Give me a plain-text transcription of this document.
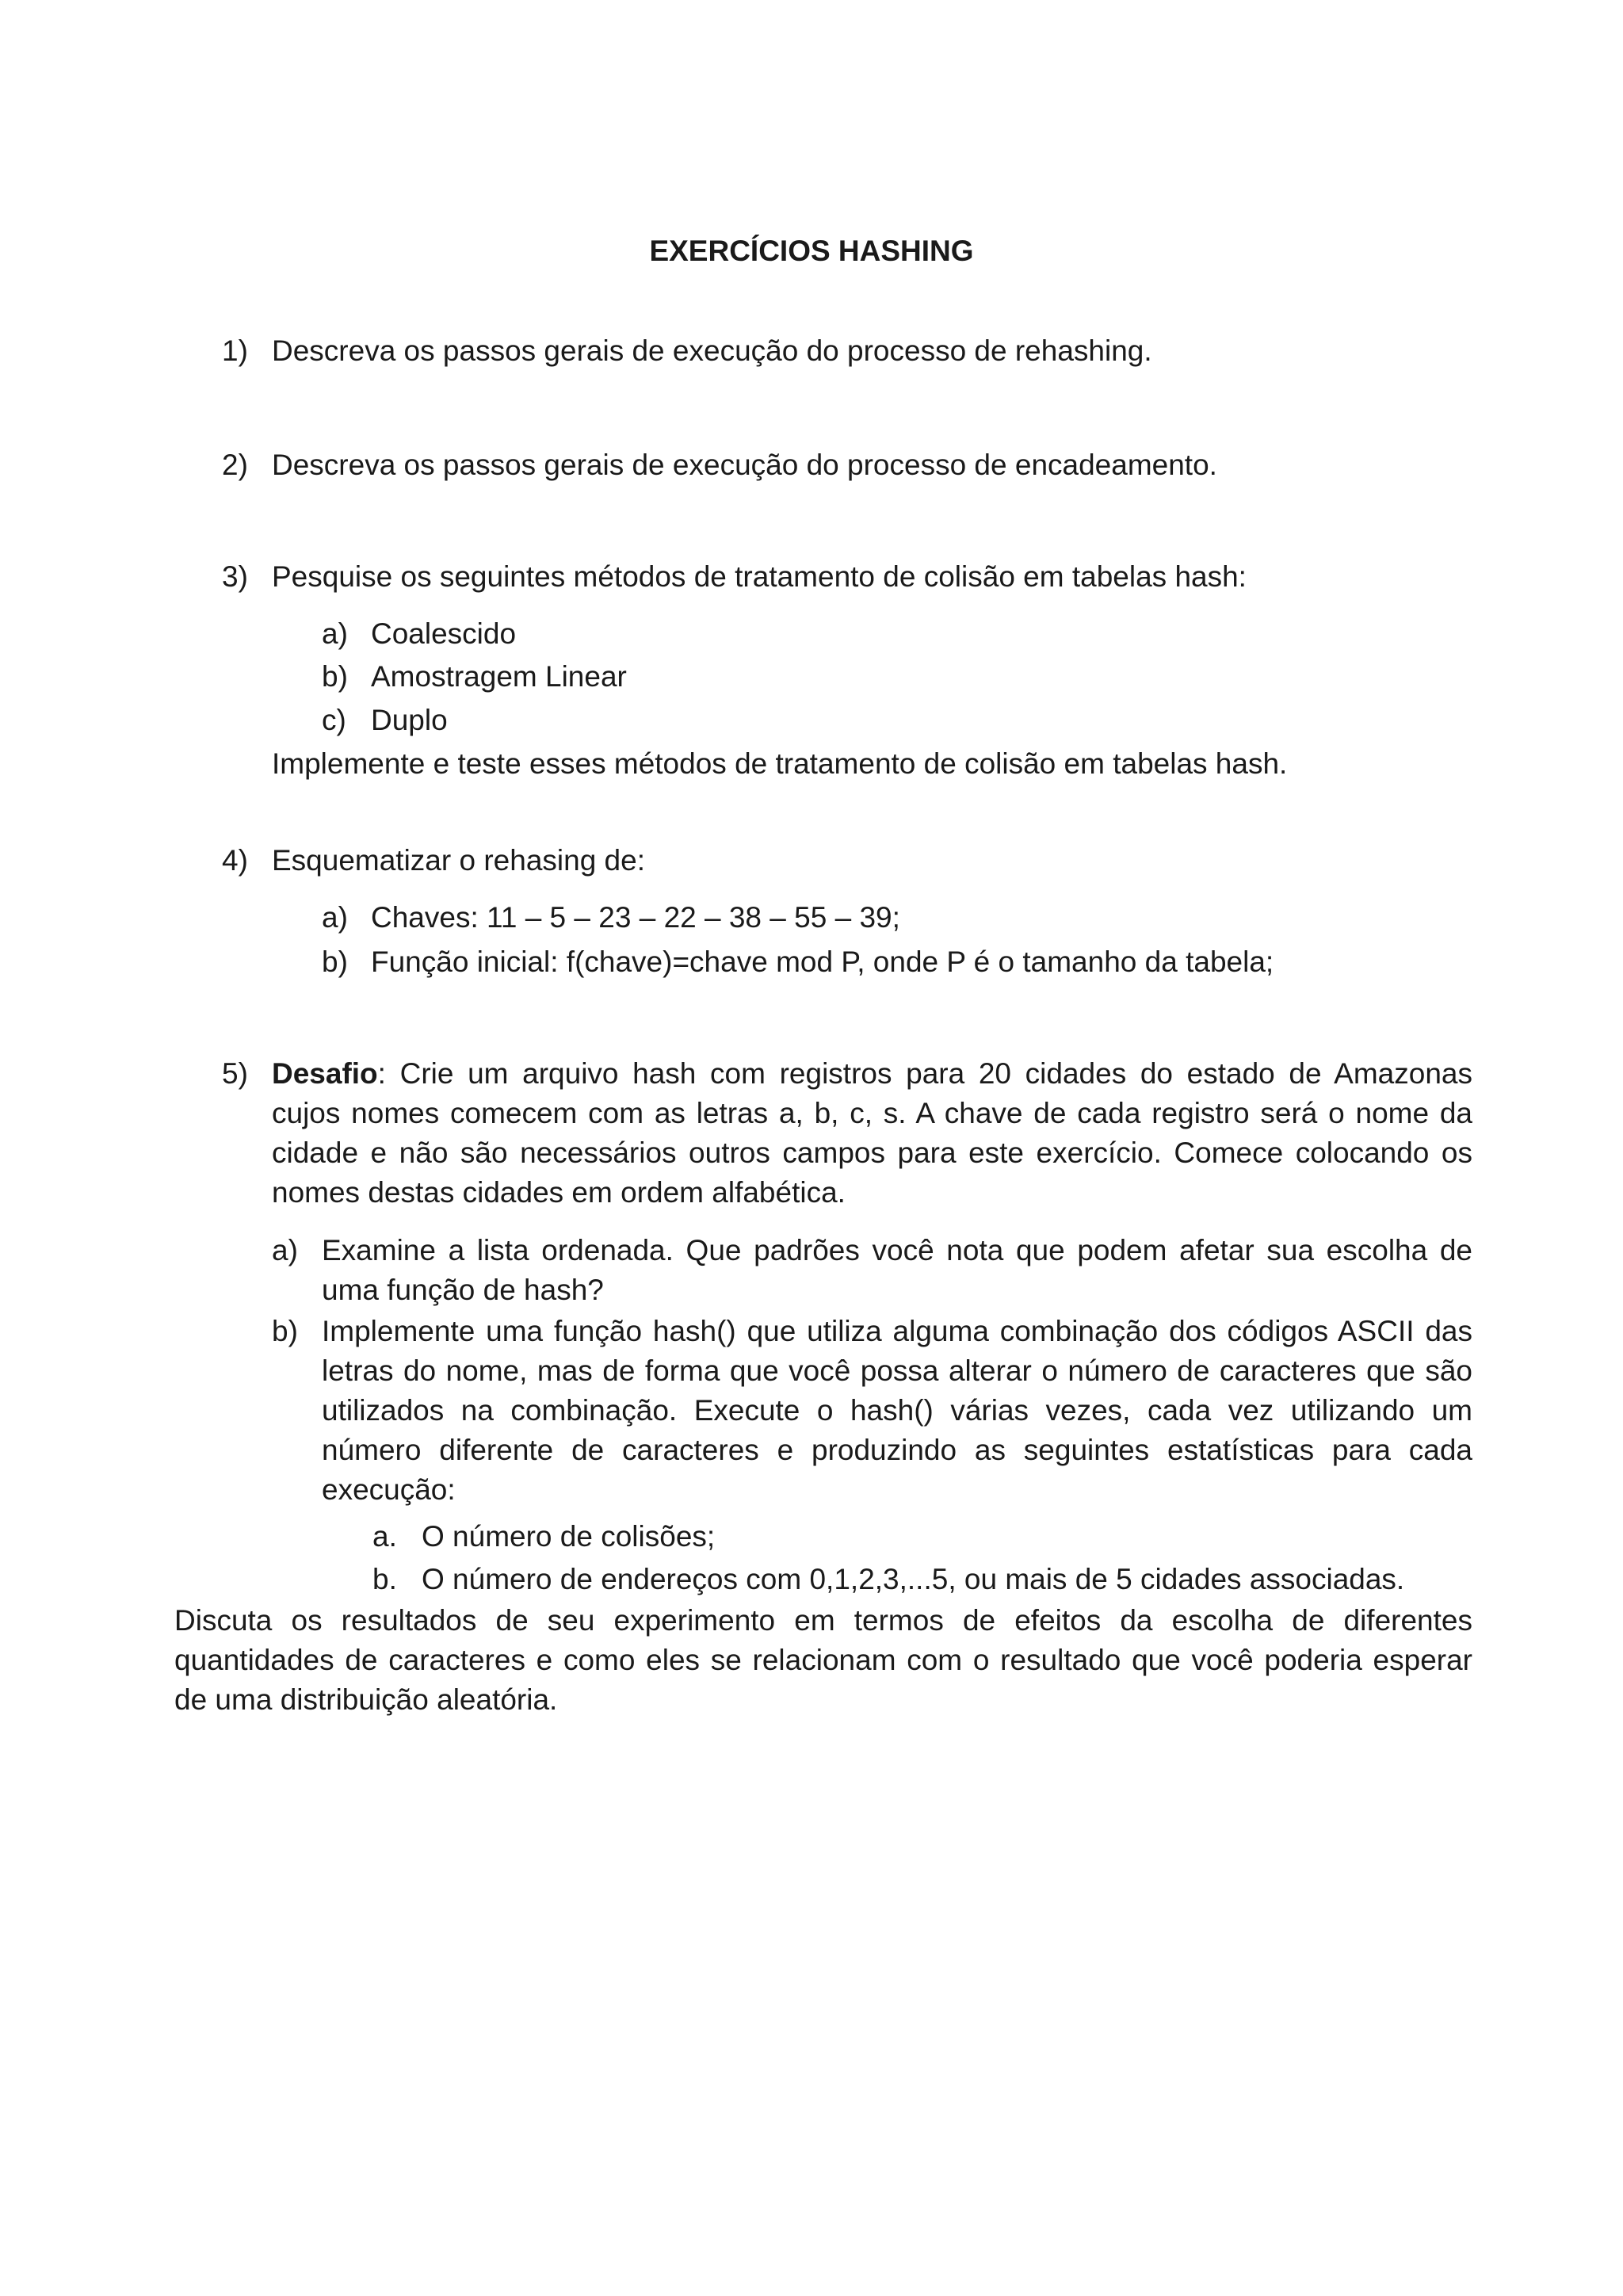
EXERCÍCIOS HASHING
1) Descreva os passos gerais de execução do processo de rehashing.
2) Descreva os passos gerais de execução do processo de encadeamento.
3) Pesquise os seguintes métodos de tratamento de colisão em tabelas hash:
a) Coalescido
b) Amostragem Linear
c) Duplo
Implemente e teste esses métodos de tratamento de colisão em tabelas hash.
4) Esquematizar o rehasing de:
a) Chaves: 11 – 5 – 23 – 22 – 38 – 55 – 39;
b) Função inicial: f(chave)=chave mod P, onde P é o tamanho da tabela;
5) Desafio: Crie um arquivo hash com registros para 20 cidades do estado de Amazonas cujos nomes comecem com as letras a, b, c, s. A chave de cada registro será o nome da cidade e não são necessários outros campos para este exercício. Comece colocando os nomes destas cidades em ordem alfabética.
a) Examine a lista ordenada. Que padrões você nota que podem afetar sua escolha de uma função de hash?
b) Implemente uma função hash() que utiliza alguma combinação dos códigos ASCII das letras do nome, mas de forma que você possa alterar o número de caracteres que são utilizados na combinação. Execute o hash() várias vezes, cada vez utilizando um número diferente de caracteres e produzindo as seguintes estatísticas para cada execução:
a. O número de colisões;
b. O número de endereços com 0,1,2,3,...5, ou mais de 5 cidades associadas.
Discuta os resultados de seu experimento em termos de efeitos da escolha de diferentes quantidades de caracteres e como eles se relacionam com o resultado que você poderia esperar de uma distribuição aleatória.
